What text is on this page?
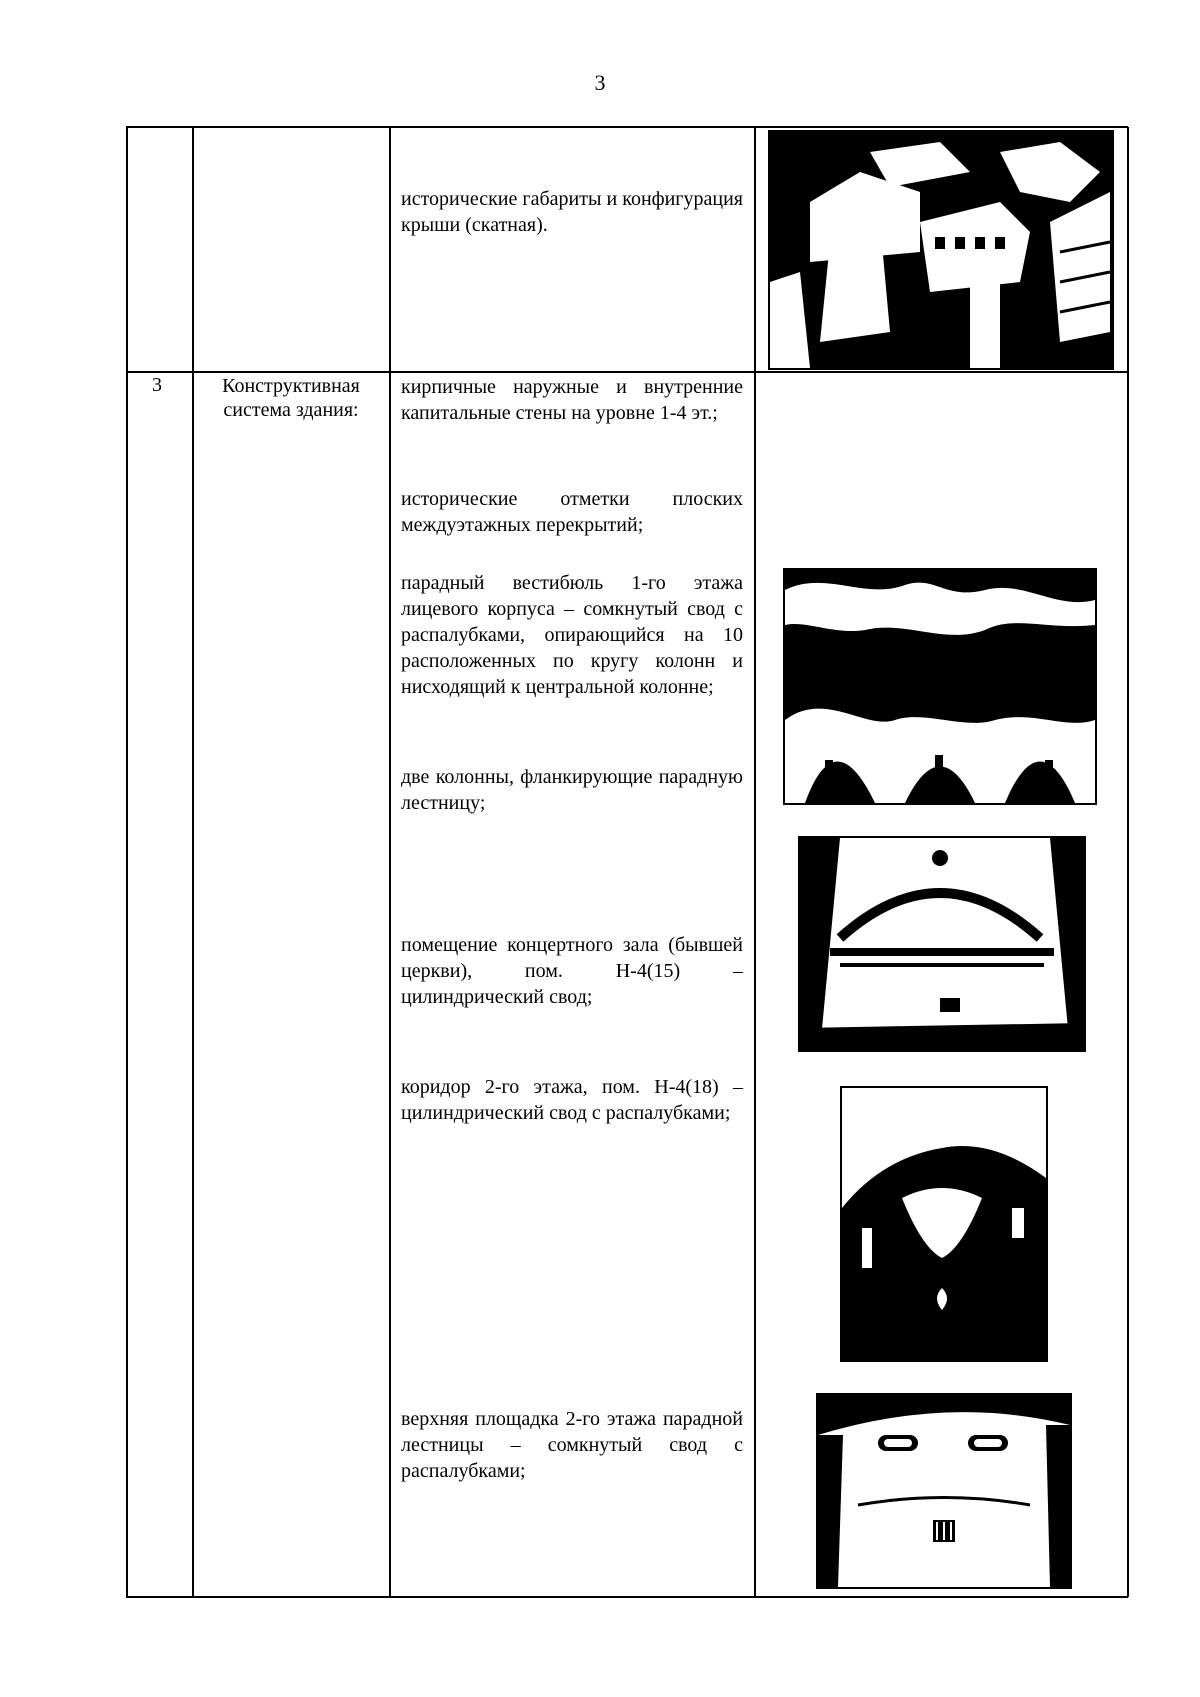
3
исторические габариты и конфигурация крыши (скатная).
3	Конструктивная система здания:
кирпичные наружные и внутренние капитальные стены на уровне 1-4 эт.;
исторические отметки плоских междуэтажных перекрытий;
парадный вестибюль 1-го этажа лицевого корпуса – сомкнутый свод с распалубками, опирающийся на 10 расположенных по кругу колонн и нисходящий к центральной колонне;
две колонны, фланкирующие парадную лестницу;
помещение концертного зала (бывшей церкви), пом. Н-4(15) – цилиндрический свод;
коридор 2-го этажа, пом. Н-4(18) – цилиндрический свод с распалубками;
верхняя площадка 2-го этажа парадной лестницы – сомкнутый свод с распалубками;
